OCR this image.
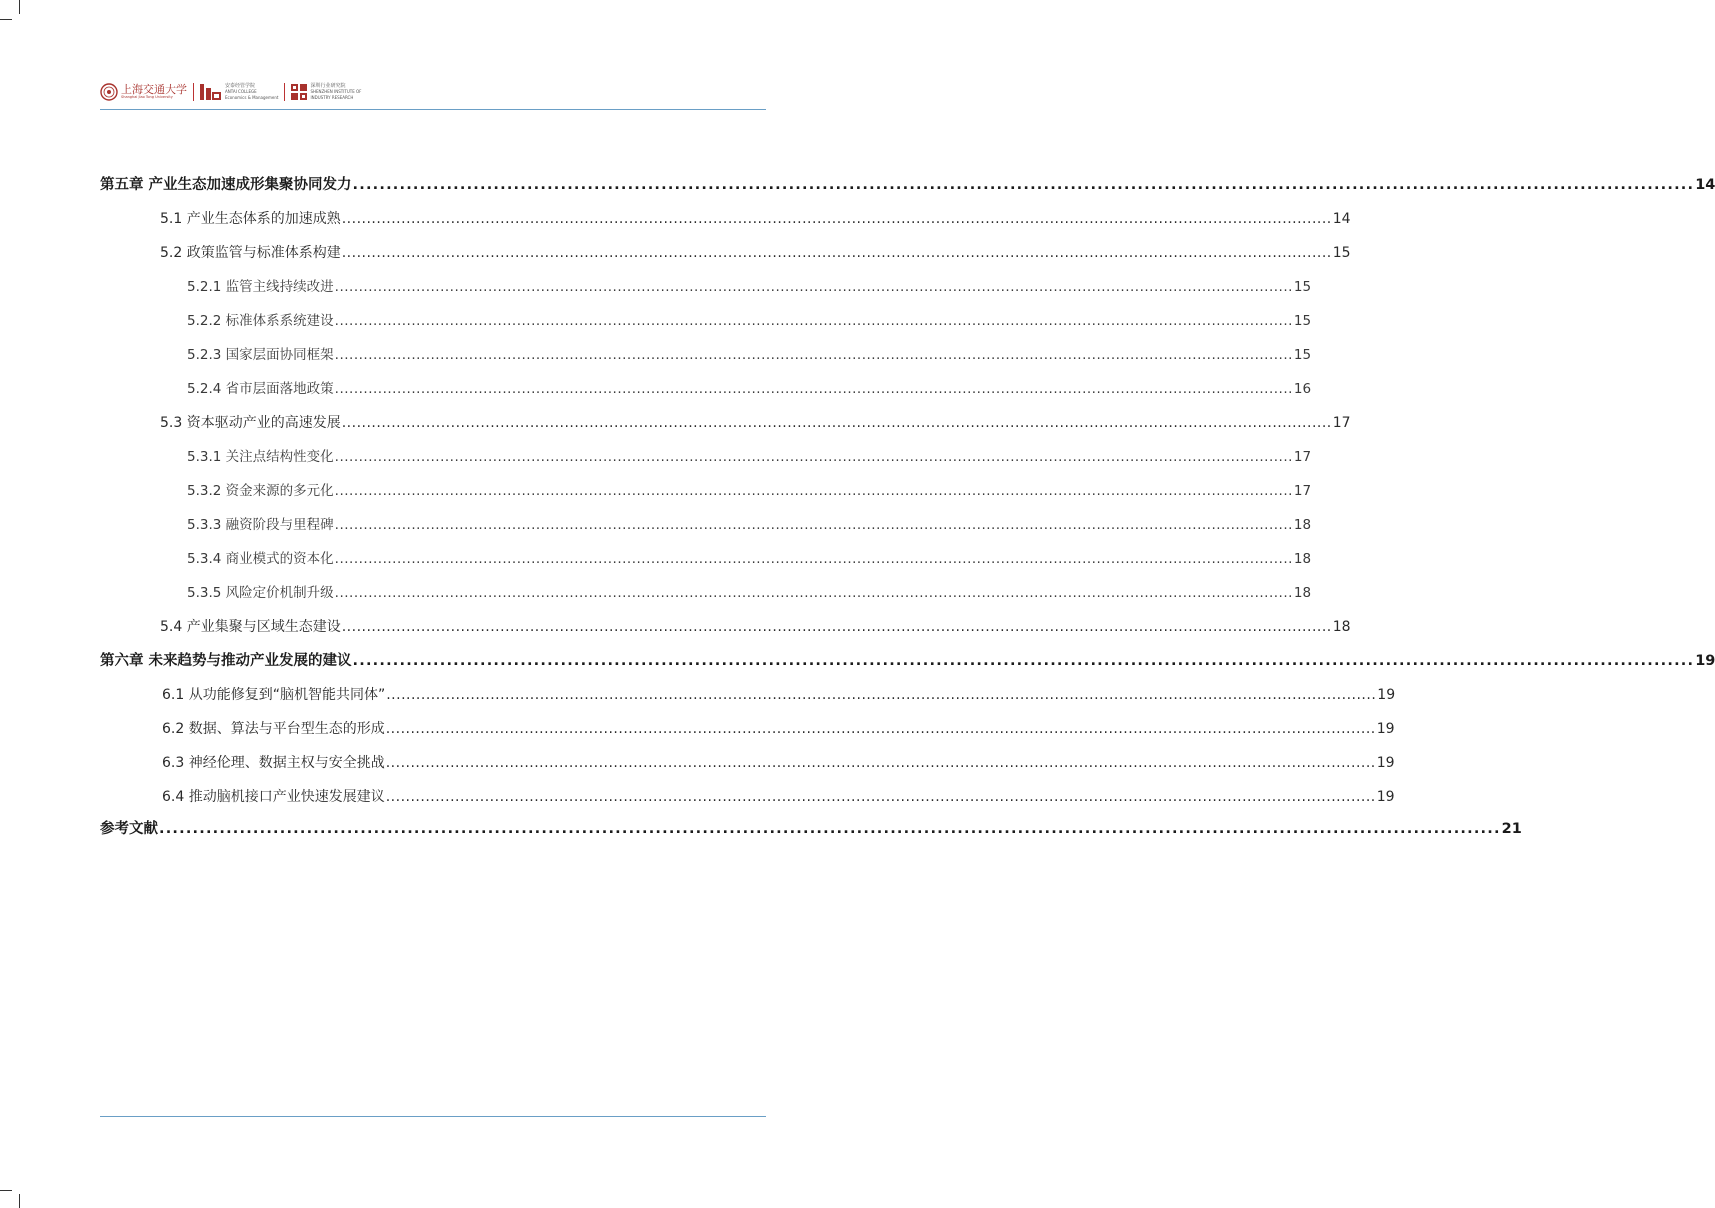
上海交通大学
Shanghai Jiao Tong University
安泰经管学院
ANTAI COLLEGE
Economics & Management
深圳行业研究院
SHENZHEN INSTITUTE OF
INDUSTRY RESEARCH
第五章 产业生态加速成形集聚协同发力 ........................................................................................................................................................................................................ 14
5.1 产业生态体系的加速成熟 ........................................................................................................................................................................................................ 14
5.2 政策监管与标准体系构建 ........................................................................................................................................................................................................ 15
5.2.1 监管主线持续改进 ........................................................................................................................................................................................................ 15
5.2.2 标准体系系统建设 ........................................................................................................................................................................................................ 15
5.2.3 国家层面协同框架 ........................................................................................................................................................................................................ 15
5.2.4 省市层面落地政策 ........................................................................................................................................................................................................ 16
5.3 资本驱动产业的高速发展 ........................................................................................................................................................................................................ 17
5.3.1 关注点结构性变化 ........................................................................................................................................................................................................ 17
5.3.2 资金来源的多元化 ........................................................................................................................................................................................................ 17
5.3.3 融资阶段与里程碑 ........................................................................................................................................................................................................ 18
5.3.4 商业模式的资本化 ........................................................................................................................................................................................................ 18
5.3.5 风险定价机制升级 ........................................................................................................................................................................................................ 18
5.4 产业集聚与区域生态建设 ........................................................................................................................................................................................................ 18
第六章 未来趋势与推动产业发展的建议 ........................................................................................................................................................................................................ 19
6.1 从功能修复到“脑机智能共同体” ........................................................................................................................................................................................................ 19
6.2 数据、算法与平台型生态的形成 ........................................................................................................................................................................................................ 19
6.3 神经伦理、数据主权与安全挑战 ........................................................................................................................................................................................................ 19
6.4 推动脑机接口产业快速发展建议 ........................................................................................................................................................................................................ 19
参考文献 ........................................................................................................................................................................................................ 21
